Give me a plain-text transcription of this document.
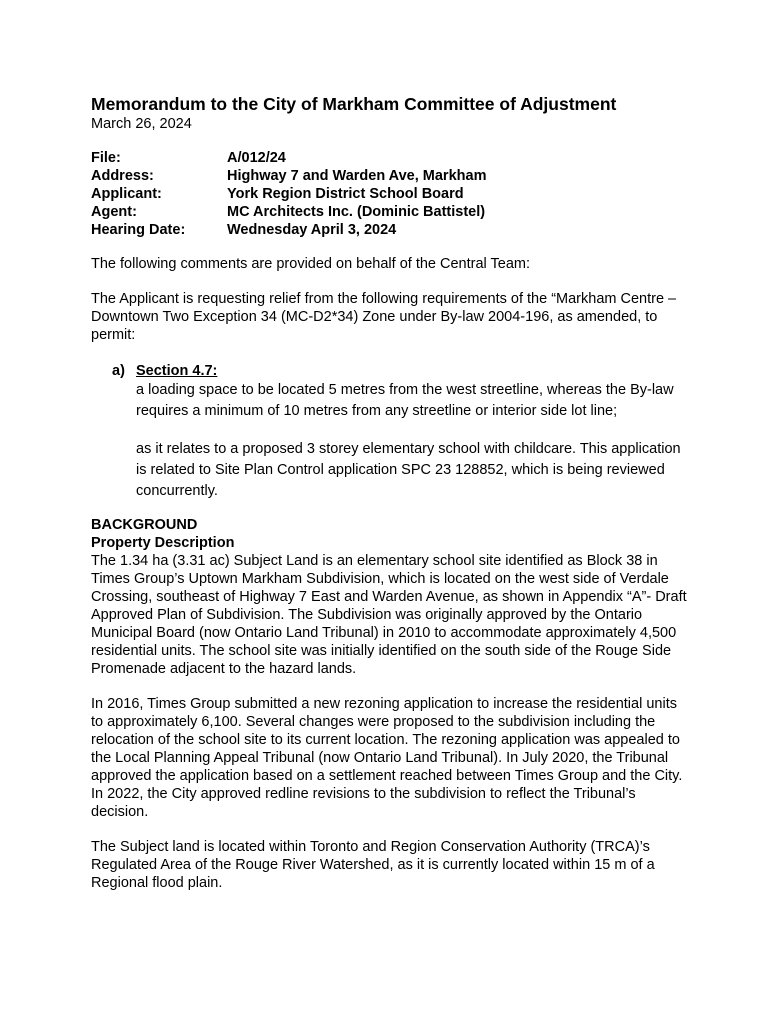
Memorandum to the City of Markham Committee of Adjustment

March 26, 2024

File:	A/012/24
Address:	Highway 7 and Warden Ave, Markham
Applicant:	York Region District School Board
Agent:	MC Architects Inc. (Dominic Battistel)
Hearing Date:	Wednesday April 3, 2024

The following comments are provided on behalf of the Central Team:

The Applicant is requesting relief from the following requirements of the “Markham Centre – Downtown Two Exception 34 (MC-D2*34) Zone under By-law 2004-196, as amended, to permit:

a) Section 4.7:
a loading space to be located 5 metres from the west streetline, whereas the By-law requires a minimum of 10 metres from any streetline or interior side lot line;
as it relates to a proposed 3 storey elementary school with childcare. This application is related to Site Plan Control application SPC 23 128852, which is being reviewed concurrently.
BACKGROUND
Property Description

The 1.34 ha (3.31 ac) Subject Land is an elementary school site identified as Block 38 in Times Group’s Uptown Markham Subdivision, which is located on the west side of Verdale Crossing, southeast of Highway 7 East and Warden Avenue, as shown in Appendix “A”- Draft Approved Plan of Subdivision. The Subdivision was originally approved by the Ontario Municipal Board (now Ontario Land Tribunal) in 2010 to accommodate approximately 4,500 residential units. The school site was initially identified on the south side of the Rouge Side Promenade adjacent to the hazard lands.

In 2016, Times Group submitted a new rezoning application to increase the residential units to approximately 6,100. Several changes were proposed to the subdivision including the relocation of the school site to its current location. The rezoning application was appealed to the Local Planning Appeal Tribunal (now Ontario Land Tribunal). In July 2020, the Tribunal approved the application based on a settlement reached between Times Group and the City. In 2022, the City approved redline revisions to the subdivision to reflect the Tribunal’s decision.

The Subject land is located within Toronto and Region Conservation Authority (TRCA)’s Regulated Area of the Rouge River Watershed, as it is currently located within 15 m of a Regional flood plain.
